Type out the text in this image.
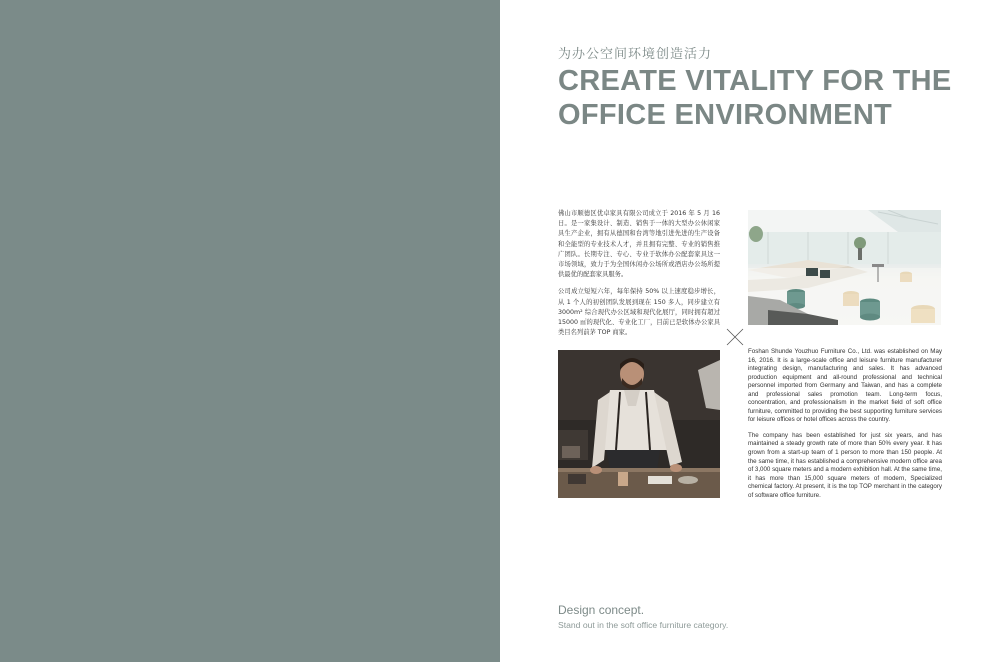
为办公空间环境创造活力
CREATE VITALITY FOR THE
OFFICE ENVIRONMENT

佛山市顺德区优卓家具有限公司成立于 2016 年 5 月 16 日。是一家集设计、制造、销售于一体的大型办公休闲家具生产企业，拥有从德国和台湾等地引进先进的生产设备和全能型的专业技术人才，并且拥有完整、专业的销售推广团队。长期专注、专心、专业于软体办公配套家具这一市场领域，致力于为全国休闲办公场所或酒店办公场所提供最优的配套家具服务。

公司成立短短六年，每年保持 50% 以上速度稳步增长，从 1 个人的初创团队发展到现在 150 多人，同步建立有 3000m² 综合现代办公区域和现代化展厅，同时拥有超过 15000 ㎡的现代化、专业化工厂，目前已是软体办公家具类目名列前茅 TOP 商家。

Foshan Shunde Youzhuo Furniture Co., Ltd. was established on May 16, 2016. It is a large-scale office and leisure furniture manufacturer integrating design, manufacturing and sales. It has advanced production equipment and all-round professional and technical personnel imported from Germany and Taiwan, and has a complete and professional sales promotion team. Long-term focus, concentration, and professionalism in the market field of soft office furniture, committed to providing the best supporting furniture services for leisure offices or hotel offices across the country.

The company has been established for just six years, and has maintained a steady growth rate of more than 50% every year. It has grown from a start-up team of 1 person to more than 150 people. At the same time, it has established a comprehensive modern office area of 3,000 square meters and a modern exhibition hall. At the same time, it has more than 15,000 square meters of modern, Specialized chemical factory. At present, it is the top TOP merchant in the category of software office furniture.

Design concept.
Stand out in the soft office furniture category.
